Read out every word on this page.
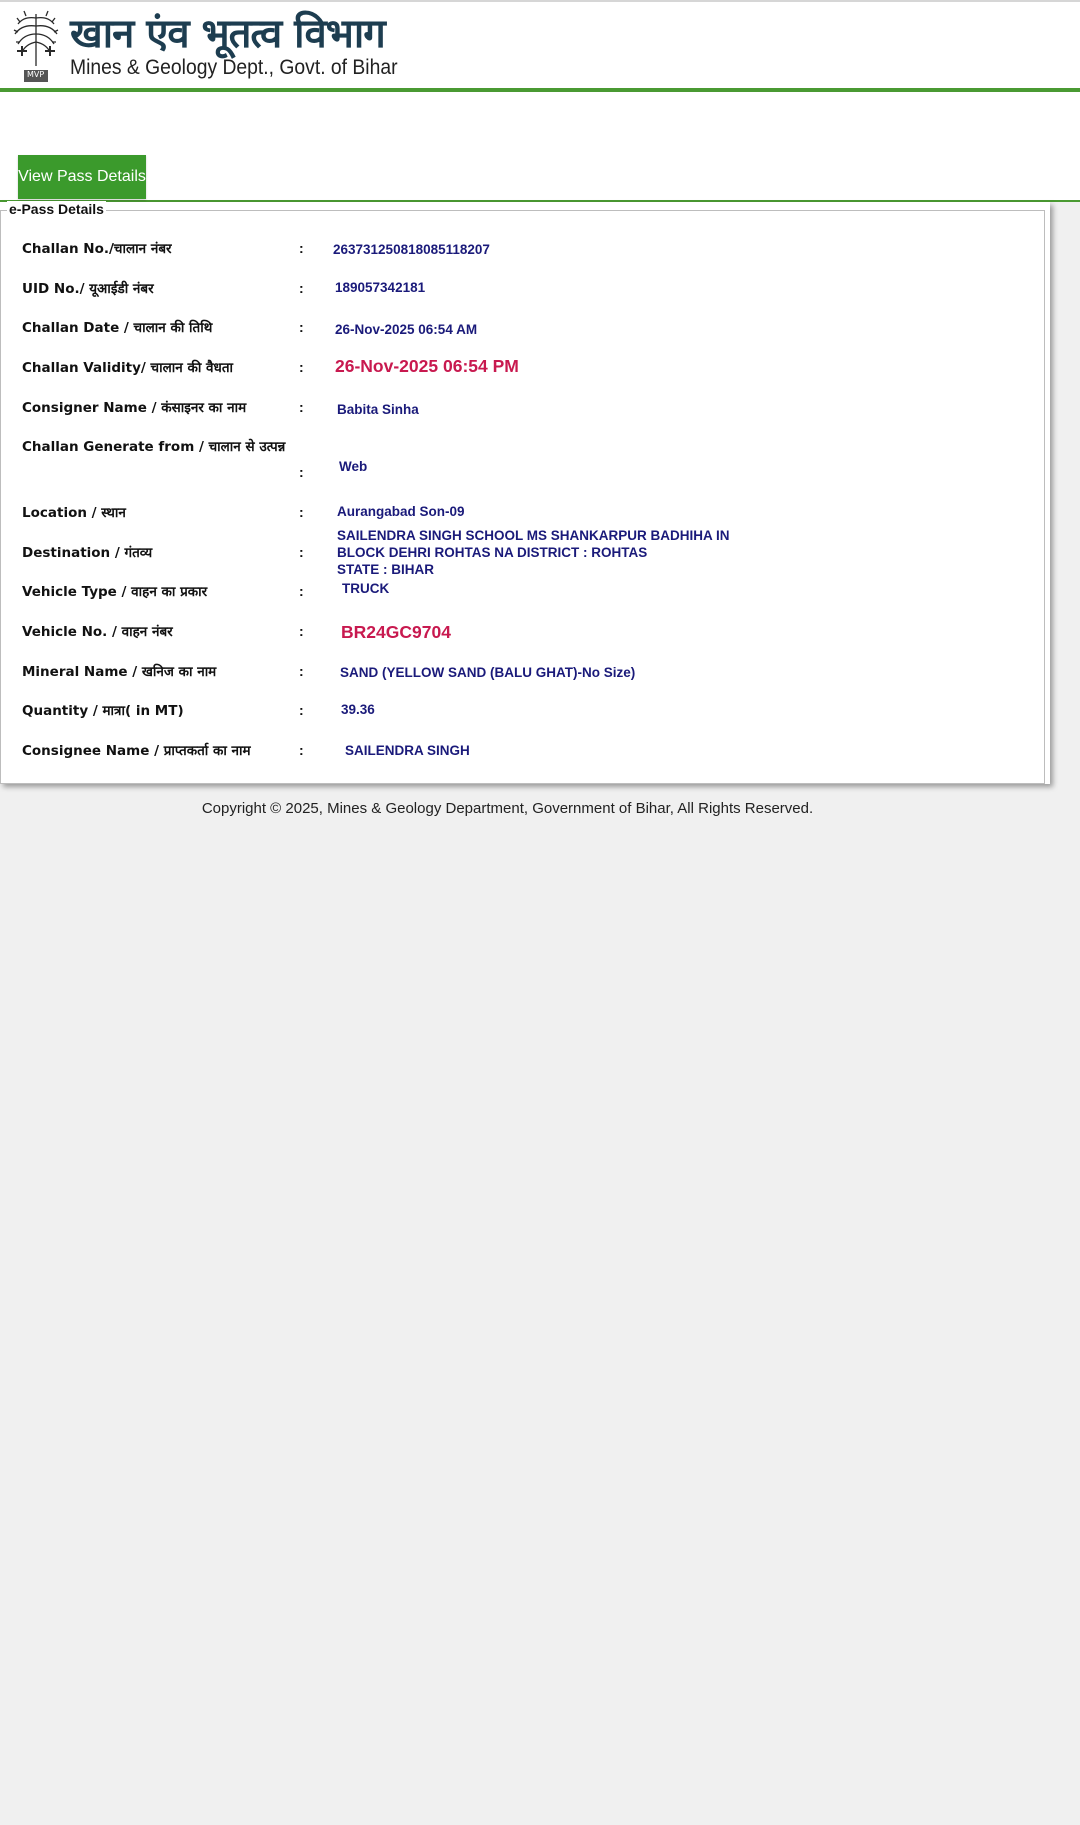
MVP
खान एंव भूतत्व विभाग
Mines & Geology Dept., Govt. of Bihar
View Pass Details
e-Pass Details
Challan No./चालान नंबर	: 263731250818085118207
UID No./ यूआईडी नंबर	: 189057342181
Challan Date / चालान की तिथि	: 26-Nov-2025 06:54 AM
Challan Validity/ चालान की वैधता	: 26-Nov-2025 06:54 PM
Consigner Name / कंसाइनर का नाम	: Babita Sinha
Challan Generate from / चालान से उत्पन्न
:	Web
Location / स्थान	: Aurangabad Son-09
Destination / गंतव्य	:
SAILENDRA SINGH SCHOOL MS SHANKARPUR BADHIHA IN
BLOCK DEHRI ROHTAS NA DISTRICT : ROHTAS
STATE : BIHAR
Vehicle Type / वाहन का प्रकार	:	TRUCK
Vehicle No. / वाहन नंबर	: BR24GC9704
Mineral Name / खनिज का नाम	:	SAND (YELLOW SAND (BALU GHAT)-No Size)
Quantity / मात्रा( in MT)	:	39.36
Consignee Name / प्राप्तकर्ता का नाम	:	SAILENDRA SINGH
Copyright © 2025, Mines & Geology Department, Government of Bihar, All Rights Reserved.
